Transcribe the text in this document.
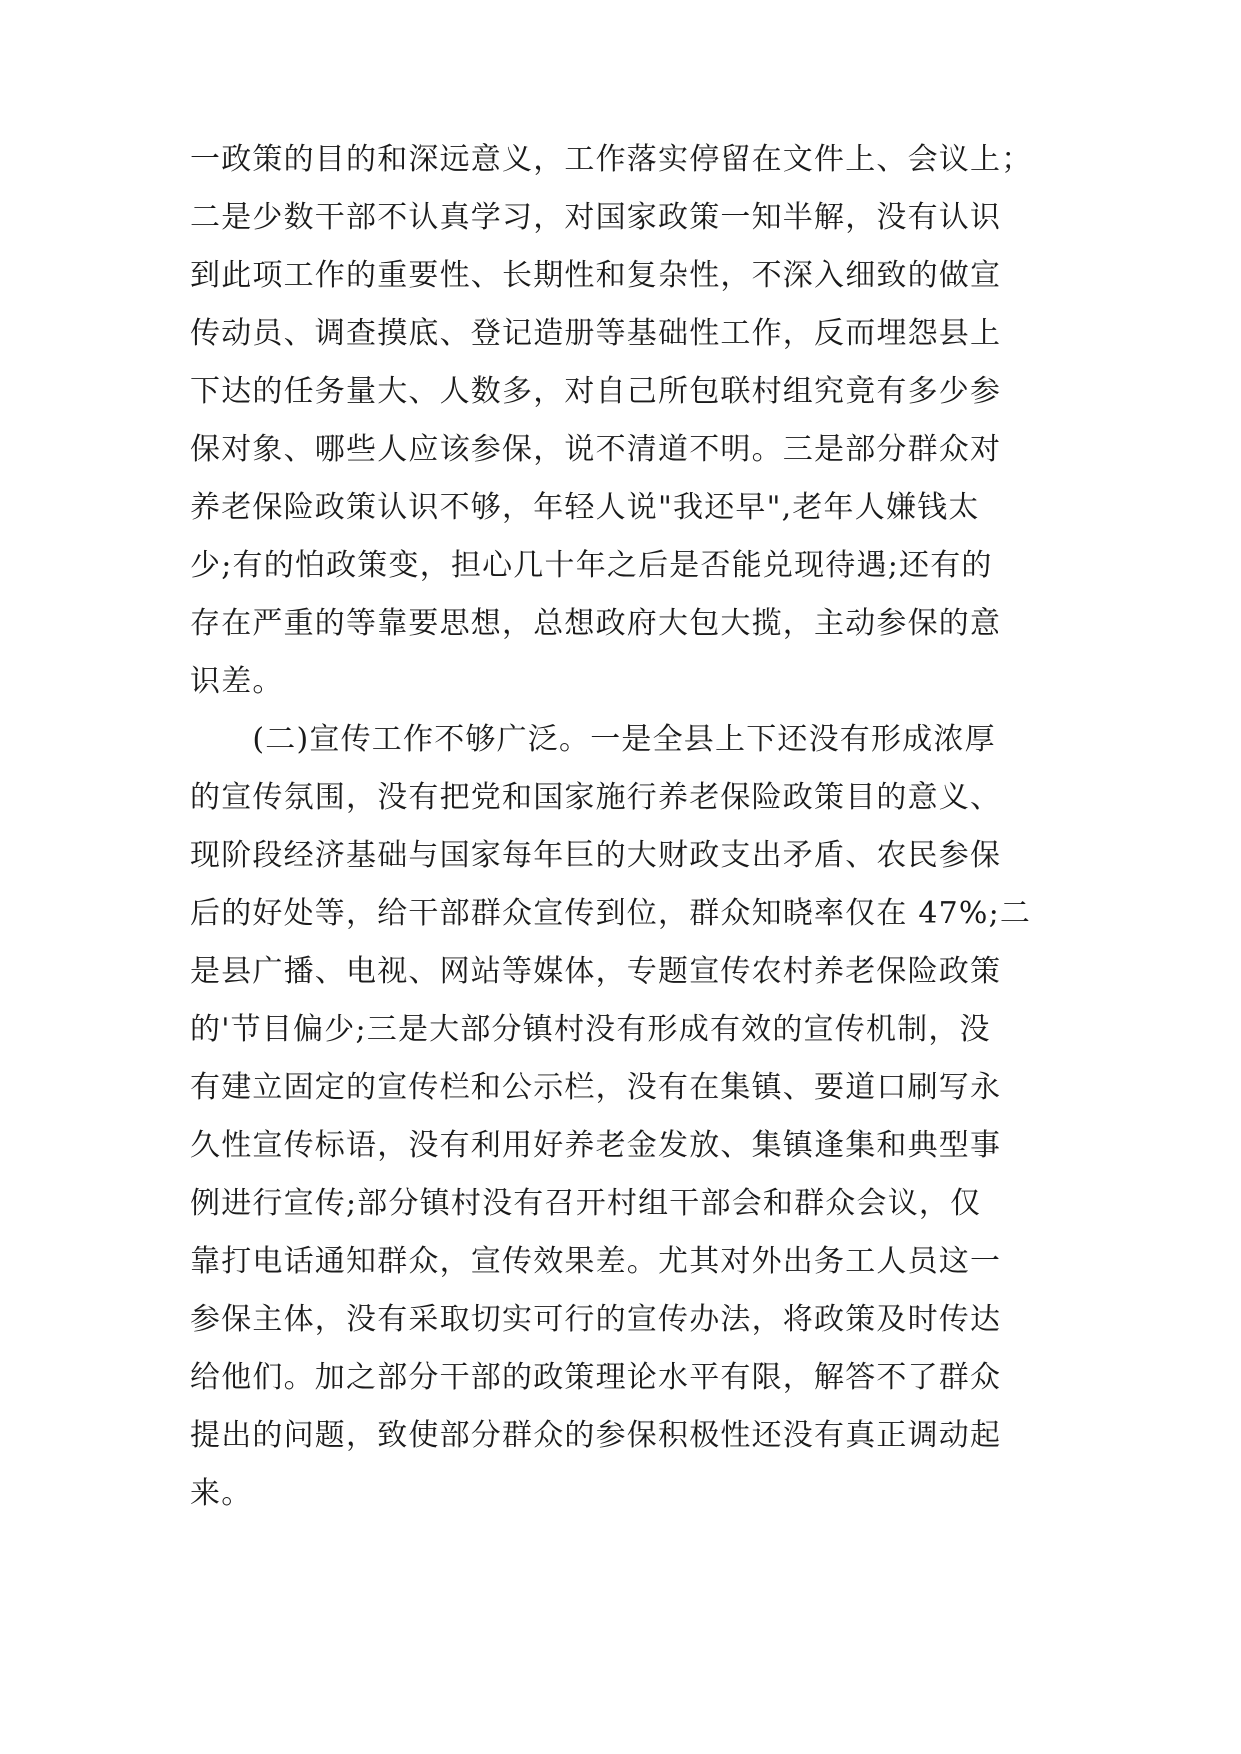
一政策的目的和深远意义，工作落实停留在文件上、会议上；
二是少数干部不认真学习，对国家政策一知半解，没有认识
到此项工作的重要性、长期性和复杂性，不深入细致的做宣
传动员、调查摸底、登记造册等基础性工作，反而埋怨县上
下达的任务量大、人数多，对自己所包联村组究竟有多少参
保对象、哪些人应该参保，说不清道不明。三是部分群众对
养老保险政策认识不够，年轻人说"我还早",老年人嫌钱太
少;有的怕政策变，担心几十年之后是否能兑现待遇;还有的
存在严重的等靠要思想，总想政府大包大揽，主动参保的意
识差。
　　(二)宣传工作不够广泛。一是全县上下还没有形成浓厚
的宣传氛围，没有把党和国家施行养老保险政策目的意义、
现阶段经济基础与国家每年巨的大财政支出矛盾、农民参保
后的好处等，给干部群众宣传到位，群众知晓率仅在 47%;二
是县广播、电视、网站等媒体，专题宣传农村养老保险政策
的'节目偏少;三是大部分镇村没有形成有效的宣传机制，没
有建立固定的宣传栏和公示栏，没有在集镇、要道口刷写永
久性宣传标语，没有利用好养老金发放、集镇逢集和典型事
例进行宣传;部分镇村没有召开村组干部会和群众会议，仅
靠打电话通知群众，宣传效果差。尤其对外出务工人员这一
参保主体，没有采取切实可行的宣传办法，将政策及时传达
给他们。加之部分干部的政策理论水平有限，解答不了群众
提出的问题，致使部分群众的参保积极性还没有真正调动起
来。
